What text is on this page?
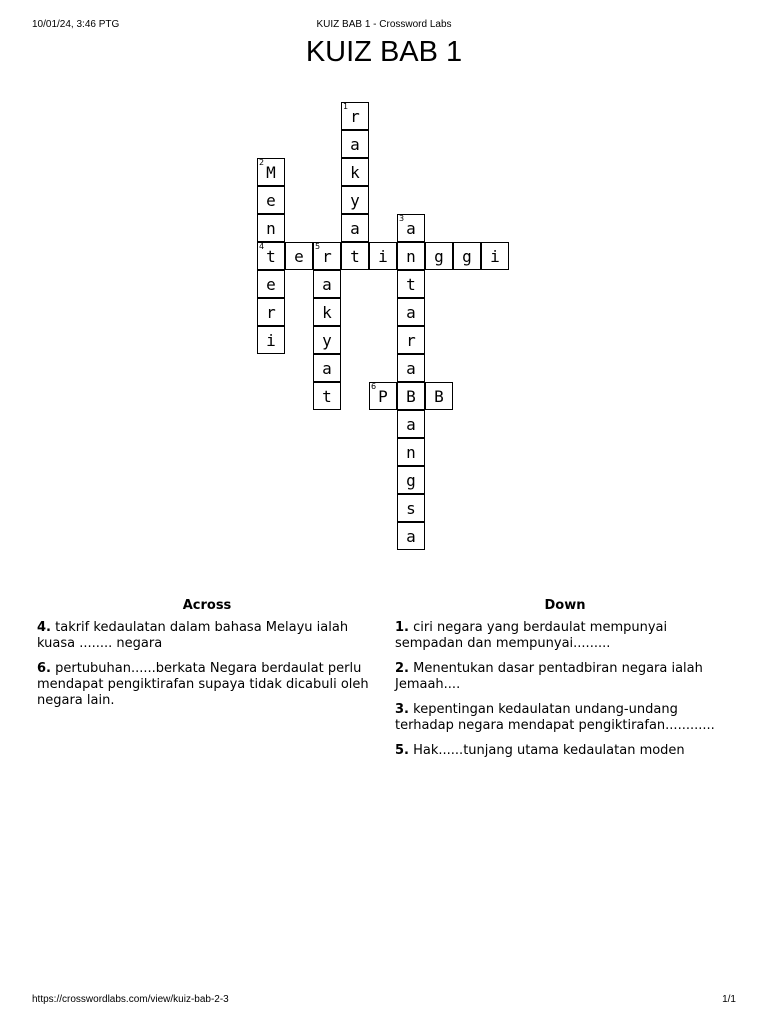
10/01/24, 3:46 PTG	KUIZ BAB 1 - Crossword Labs
KUIZ BAB 1
1 r
a
k
y
a
t
2 M
e
n
4 t
e
r
i
3 a
n
t
a
r
a
B
a
n
g
s
a
e 5 r	i	g g i
a
k
y
a
t	6 P	B
Across
4. takrif kedaulatan dalam bahasa Melayu ialah kuasa ........ negara
6. pertubuhan......berkata Negara berdaulat perlu mendapat pengiktirafan supaya tidak dicabuli oleh negara lain.
Down
1. ciri negara yang berdaulat mempunyai sempadan dan mempunyai.........
2. Menentukan dasar pentadbiran negara ialah Jemaah....
3. kepentingan kedaulatan undang-undang terhadap negara mendapat pengiktirafan............
5. Hak......tunjang utama kedaulatan moden
https://crosswordlabs.com/view/kuiz-bab-2-3	1/1
